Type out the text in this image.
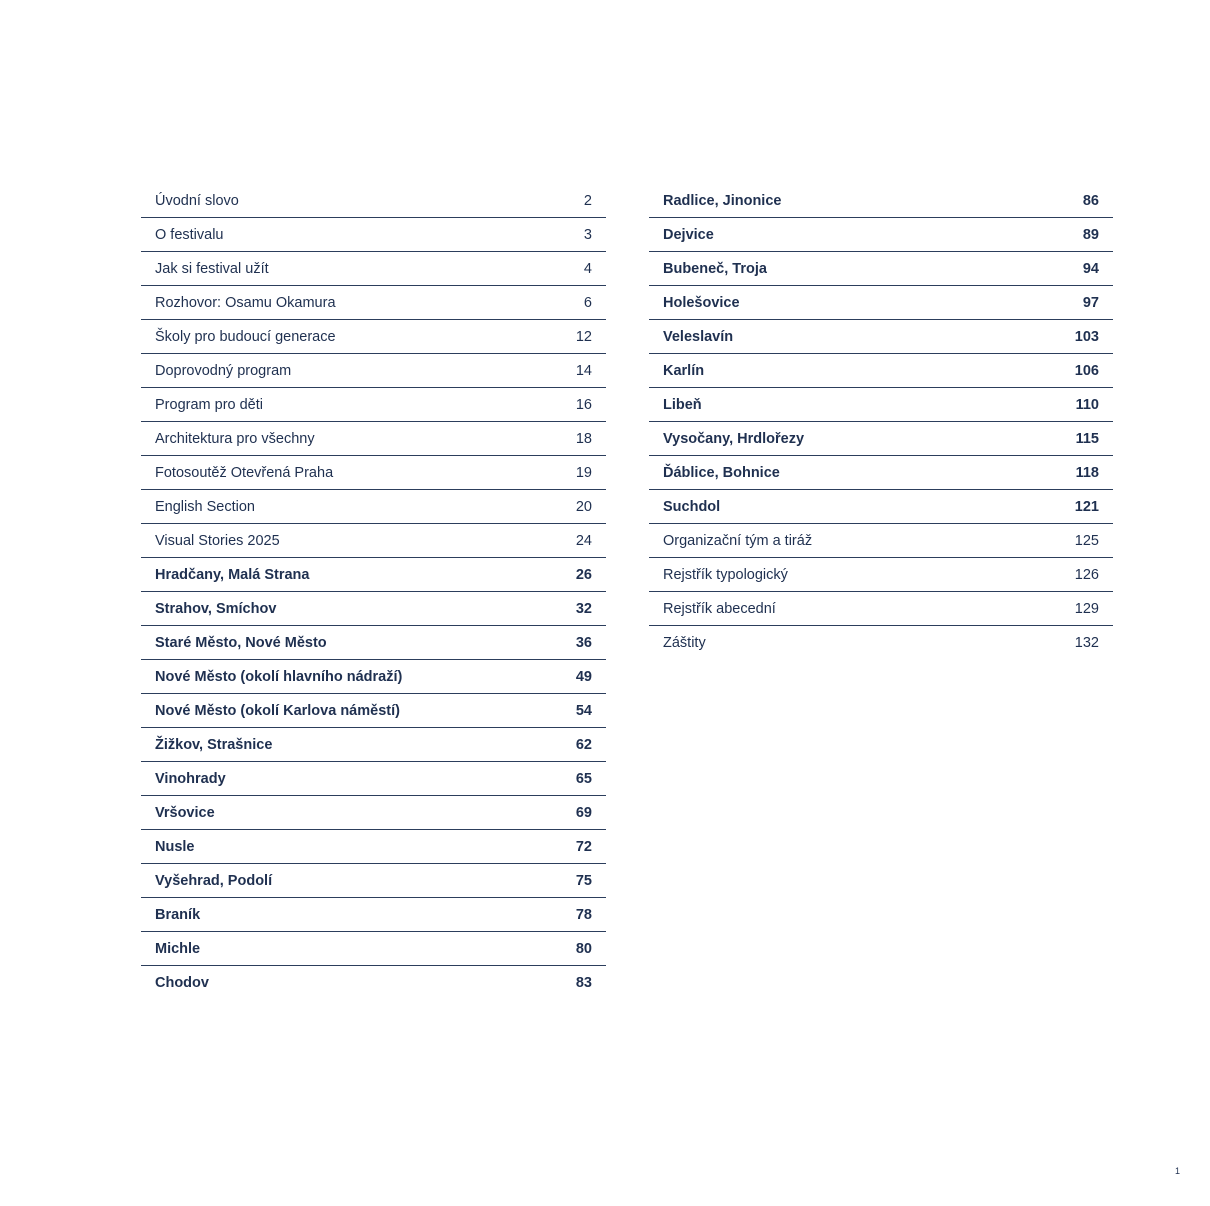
Úvodní slovo	2
O festivalu	3
Jak si festival užít	4
Rozhovor: Osamu Okamura	6
Školy pro budoucí generace	12
Doprovodný program	14
Program pro děti	16
Architektura pro všechny	18
Fotosoutěž Otevřená Praha	19
English Section	20
Visual Stories 2025	24
Hradčany, Malá Strana	26
Strahov, Smíchov	32
Staré Město, Nové Město	36
Nové Město (okolí hlavního nádraží)	49
Nové Město (okolí Karlova náměstí)	54
Žižkov, Strašnice	62
Vinohrady	65
Vršovice	69
Nusle	72
Vyšehrad, Podolí	75
Braník	78
Michle	80
Chodov	83
Radlice, Jinonice	86
Dejvice	89
Bubeneč, Troja	94
Holešovice	97
Veleslavín	103
Karlín	106
Libeň	110
Vysočany, Hrdlořezy	115
Ďáblice, Bohnice	118
Suchdol	121
Organizační tým a tiráž	125
Rejstřík typologický	126
Rejstřík abecední	129
Záštity	132
1
